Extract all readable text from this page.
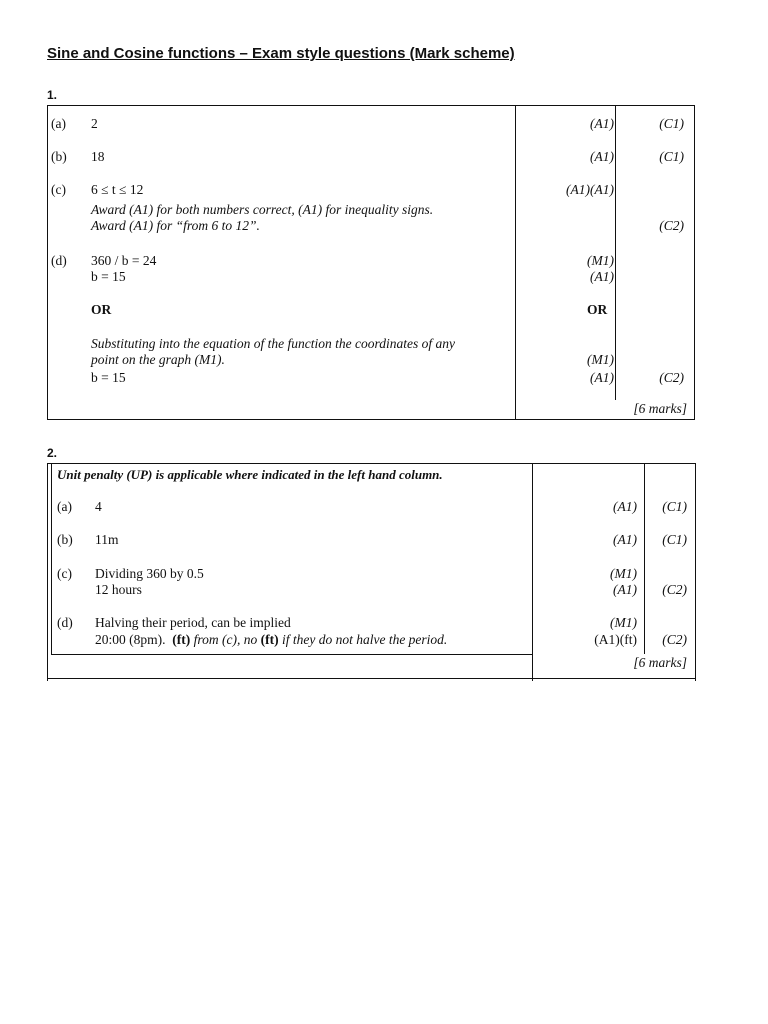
Sine and Cosine functions – Exam style questions (Mark scheme)
1.
(a) 2	(A1)	(C1)
(b) 18	(A1)	(C1)
(c) 6 ≤ t ≤ 12	(A1)(A1)
Award (A1) for both numbers correct, (A1) for inequality signs.
Award (A1) for “from 6 to 12”.	(C2)
(d) 360 / b = 24	(M1)
b = 15	(A1)
OR	OR
Substituting into the equation of the function the coordinates of any
point on the graph (M1).	(M1)
b = 15	(A1)	(C2)
[6 marks]
2.
Unit penalty (UP) is applicable where indicated in the left hand column.
(a) 4	(A1) (C1)
(b) 11m	(A1) (C1)
(c) Dividing 360 by 0.5	(M1)
12 hours	(A1) (C2)
(d) Halving their period, can be implied	(M1)
20:00 (8pm). (ft) from (c), no (ft) if they do not halve the period.	(A1)(ft) (C2)
[6 marks]
